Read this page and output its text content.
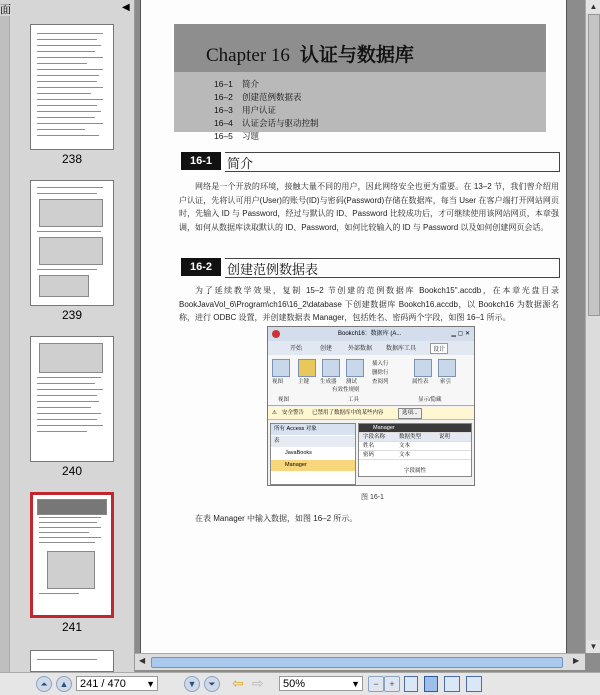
面	◀
238
239
240
241
Chapter 16 认证与数据库
16–1 简介
16–2 创建范例数据表
16–3 用户认证
16–4 认证会话与驱动控制
16–5 习题
16-1	简介
网络是一个开放的环境，接触大量不同的用户，因此网络安全也更为重要。在 13–2 节，我们曾介绍用户认证，先将认可用户(User)的账号(ID)与密码(Password)存储在数据库，每当 User 在客户端打开网站网页时，先输入 ID 与 Password，经过与默认的 ID、Password 比较成功后，才可继续使用该网站网页，本章强调，如何从数据库读取默认的 ID、Password，如何比较输入的 ID 与 Password 以及如何创建网页会话。
16-2	创建范例数据表
为了延续教学效果，复制 15–2 节创建的范例数据库 Bookch15".accdb，在本章光盘目录 BookJavaVol_6\Program\ch16\16_2\database 下创建数据库 Bookch16.accdb，以 Bookch16 为数据源名称，进行 ODBC 设置，并创建数据表 Manager，包括姓名、密码两个字段，如图 16–1 所示。
Bookch16：数据库 (A...	▁ ▢ ✕
开始	创建	外部数据 数据库工具	设计
视图	主键 生成器 测试
插入行
删除行
查阅列	属性表 索引
有效性规则
视图	工具	显示/隐藏
⚠ 安全警告 已禁用了数据库中的某些内容	选项...
所有 Access 对象
表
JavaBooks
Manager
Manager
字段名称	数据类型	说明
姓名	文本
密码	文本
字段属性
图 16-1
在表 Manager 中输入数据，如图 16–2 所示。
▲
▼
◀	▶
⏶	▲	241 / 470 ▼	▼	⏷	⇦ ⇨	50%	▼	−	+
